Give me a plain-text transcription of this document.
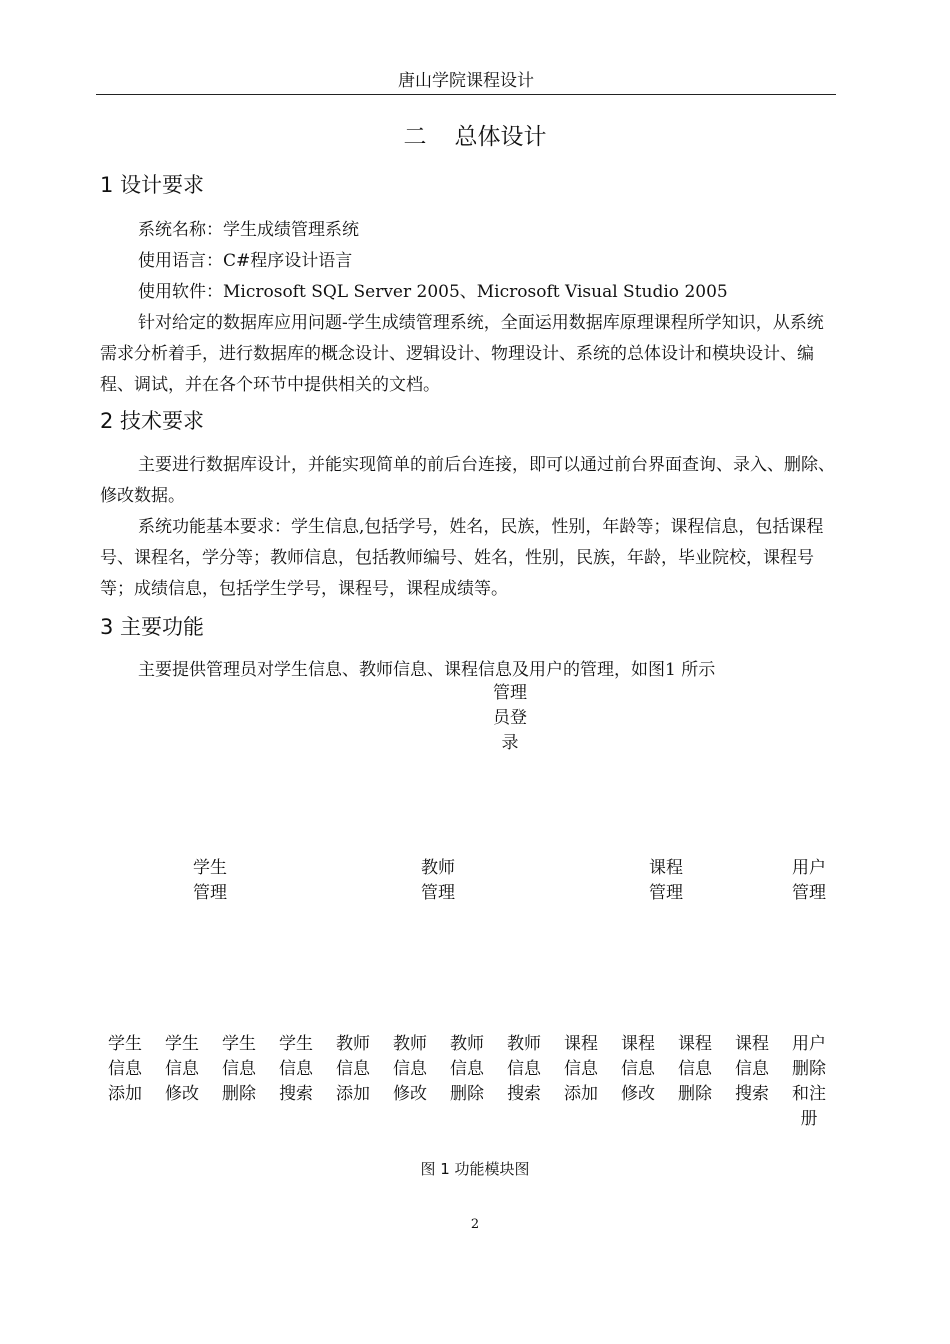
唐山学院课程设计
二 总体设计
1 设计要求
系统名称：学生成绩管理系统
使用语言：C#程序设计语言
使用软件：Microsoft SQL Server 2005、Microsoft Visual Studio 2005
针对给定的数据库应用问题-学生成绩管理系统，全面运用数据库原理课程所学知识，从系统需求分析着手，进行数据库的概念设计、逻辑设计、物理设计、系统的总体设计和模块设计、编程、调试，并在各个环节中提供相关的文档。
2 技术要求
主要进行数据库设计，并能实现简单的前后台连接，即可以通过前台界面查询、录入、删除、修改数据。
系统功能基本要求：学生信息,包括学号，姓名，民族，性别，年龄等；课程信息，包括课程号、课程名，学分等；教师信息，包括教师编号、姓名，性别，民族，年龄，毕业院校，课程号等；成绩信息，包括学生学号，课程号，课程成绩等。
3 主要功能
主要提供管理员对学生信息、教师信息、课程信息及用户的管理，如图1 所示
管理员登录
学生管理
教师管理
课程管理
用户管理
学生信息添加
学生信息修改
学生信息删除
学生信息搜索
教师信息添加
教师信息修改
教师信息删除
教师信息搜索
课程信息添加
课程信息修改
课程信息删除
课程信息搜索
用户删除和注册
图 1 功能模块图
2
